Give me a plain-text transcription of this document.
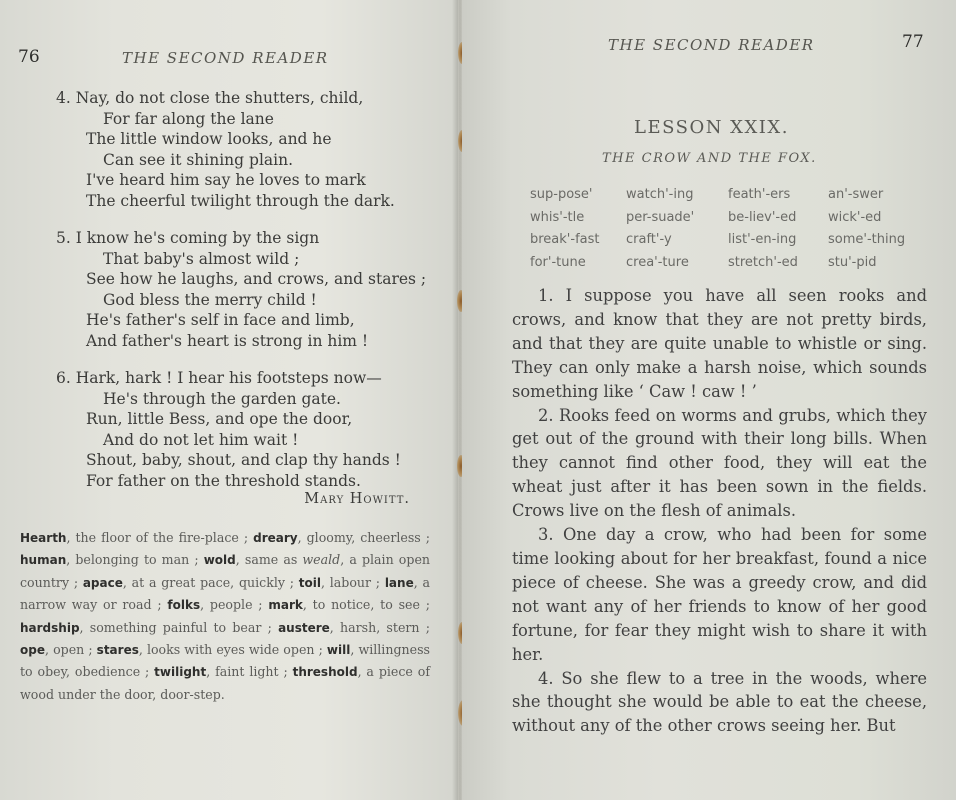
76	THE SECOND READER
4. Nay, do not close the shutters, child,
For far along the lane
The little window looks, and he
Can see it shining plain.
I've heard him say he loves to mark
The cheerful twilight through the dark.
5. I know he's coming by the sign
That baby's almost wild ;
See how he laughs, and crows, and stares ;
God bless the merry child !
He's father's self in face and limb,
And father's heart is strong in him !
6. Hark, hark ! I hear his footsteps now—
He's through the garden gate.
Run, little Bess, and ope the door,
And do not let him wait !
Shout, baby, shout, and clap thy hands !
For father on the threshold stands.
Mary Howitt.
Hearth, the floor of the fire-place ; dreary, gloomy, cheerless ; human, belonging to man ; wold, same as weald, a plain open country ; apace, at a great pace, quickly ; toil, labour ; lane, a narrow way or road ; folks, people ; mark, to notice, to see ; hardship, something painful to bear ; austere, harsh, stern ; ope, open ; stares, looks with eyes wide open ; will, willingness to obey, obedience ; twilight, faint light ; threshold, a piece of wood under the door, door-step.
THE SECOND READER	77
LESSON XXIX.
THE CROW AND THE FOX.
sup-pose'
whis'-tle
break'-fast
for'-tune
watch'-ing
per-suade'
craft'-y
crea'-ture
feath'-ers
be-liev'-ed
list'-en-ing
stretch'-ed
an'-swer
wick'-ed
some'-thing
stu'-pid

1. I suppose you have all seen rooks and crows, and know that they are not pretty birds, and that they are quite unable to whistle or sing. They can only make a harsh noise, which sounds something like ‘ Caw ! caw ! ’

2. Rooks feed on worms and grubs, which they get out of the ground with their long bills. When they cannot find other food, they will eat the wheat just after it has been sown in the fields. Crows live on the flesh of animals.

3. One day a crow, who had been for some time looking about for her breakfast, found a nice piece of cheese. She was a greedy crow, and did not want any of her friends to know of her good fortune, for fear they might wish to share it with her.

4. So she flew to a tree in the woods, where she thought she would be able to eat the cheese, without any of the other crows seeing her. But
